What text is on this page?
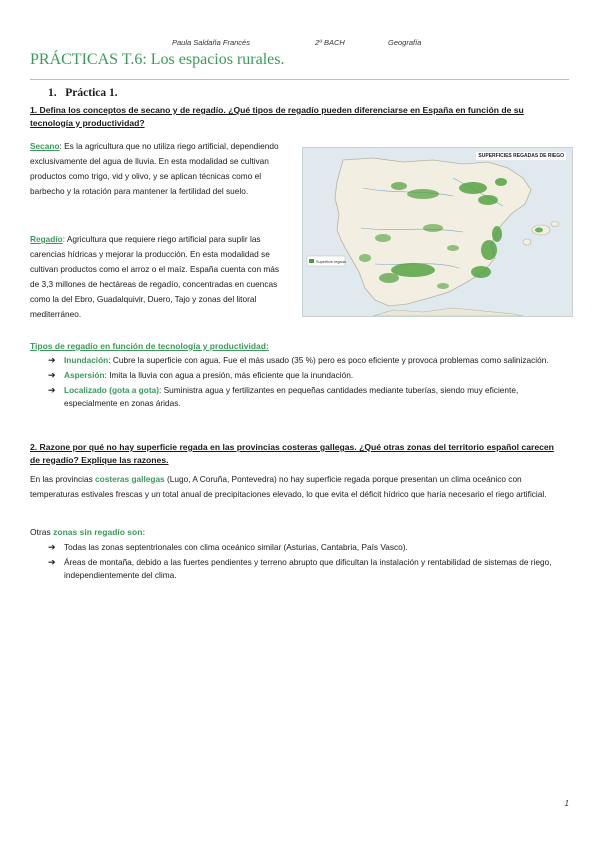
Paula Saldaña Francés	2º BACH	Geografía
PRÁCTICAS T.6: Los espacios rurales.
1. Práctica 1.
1. Defina los conceptos de secano y de regadío. ¿Qué tipos de regadío pueden diferenciarse en España en función de su tecnología y productividad?
Secano: Es la agricultura que no utiliza riego artificial, dependiendo exclusivamente del agua de lluvia. En esta modalidad se cultivan productos como trigo, vid y olivo, y se aplican técnicas como el barbecho y la rotación para mantener la fertilidad del suelo.
Regadío: Agricultura que requiere riego artificial para suplir las carencias hídricas y mejorar la producción. En esta modalidad se cultivan productos como el arroz o el maíz. España cuenta con más de 3,3 millones de hectáreas de regadío, concentradas en cuencas como la del Ebro, Guadalquivir, Duero, Tajo y zonas del litoral mediterráneo.
Superficie regada
SUPERFICIES REGADAS DE RIEGO
Tipos de regadío en función de tecnología y productividad:
➔ Inundación: Cubre la superficie con agua. Fue el más usado (35 %) pero es poco eficiente y provoca problemas como salinización.
➔ Aspersión: Imita la lluvia con agua a presión, más eficiente que la inundación.
➔ Localizado (gota a gota): Suministra agua y fertilizantes en pequeñas cantidades mediante tuberías, siendo muy eficiente, especialmente en zonas áridas.
2. Razone por qué no hay superficie regada en las provincias costeras gallegas. ¿Qué otras zonas del territorio español carecen de regadío? Explique las razones.
En las provincias costeras gallegas (Lugo, A Coruña, Pontevedra) no hay superficie regada porque presentan un clima oceánico con temperaturas estivales frescas y un total anual de precipitaciones elevado, lo que evita el déficit hídrico que haría necesario el riego artificial.
Otras zonas sin regadío son:
➔ Todas las zonas septentrionales con clima oceánico similar (Asturias, Cantabria, País Vasco).
➔ Áreas de montaña, debido a las fuertes pendientes y terreno abrupto que dificultan la instalación y rentabilidad de sistemas de riego, independientemente del clima.
1
